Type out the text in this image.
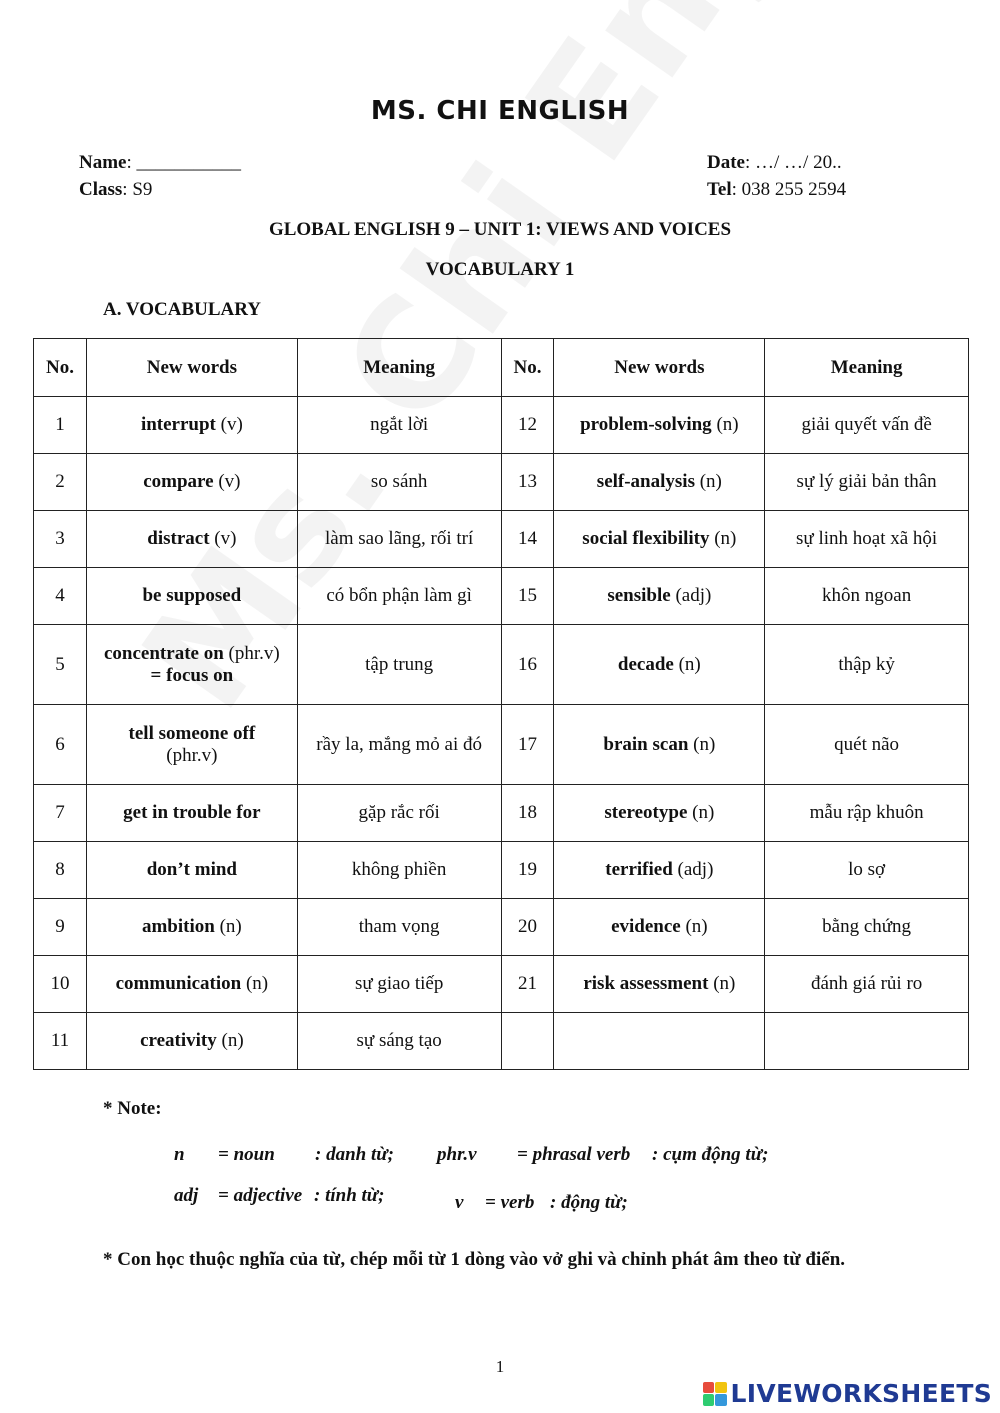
MS. CHI ENGLISH
Name: ___________	Date: …/ …/ 20..
Class: S9	Tel: 038 255 2594
GLOBAL ENGLISH 9 – UNIT 1: VIEWS AND VOICES
VOCABULARY 1
A. VOCABULARY
No.	New words	Meaning	No.	New words	Meaning
1	interrupt (v)	ngắt lời	12	problem-solving (n)	giải quyết vấn đề
2	compare (v)	so sánh	13	self-analysis (n)	sự lý giải bản thân
3	distract (v)	làm sao lãng, rối trí	14	social flexibility (n)	sự linh hoạt xã hội
4	be supposed	có bổn phận làm gì	15	sensible (adj)	khôn ngoan
5	concentrate on (phr.v)
= focus on	tập trung	16	decade (n)	thập kỷ
6	tell someone off
(phr.v)	rầy la, mắng mỏ ai đó	17	brain scan (n)	quét não
7	get in trouble for	gặp rắc rối	18	stereotype (n)	mẫu rập khuôn
8	don’t mind	không phiền	19	terrified (adj)	lo sợ
9	ambition (n)	tham vọng	20	evidence (n)	bằng chứng
10	communication (n)	sự giao tiếp	21	risk assessment (n)	đánh giá rủi ro
11	creativity (n)	sự sáng tạo			
* Note:
n = noun : danh từ; phr.v = phrasal verb : cụm động từ;
adj = adjective : tính từ;	v = verb : động từ;
* Con học thuộc nghĩa của từ, chép mỗi từ 1 dòng vào vở ghi và chỉnh phát âm theo từ điển.
1
LIVEWORKSHEETS
